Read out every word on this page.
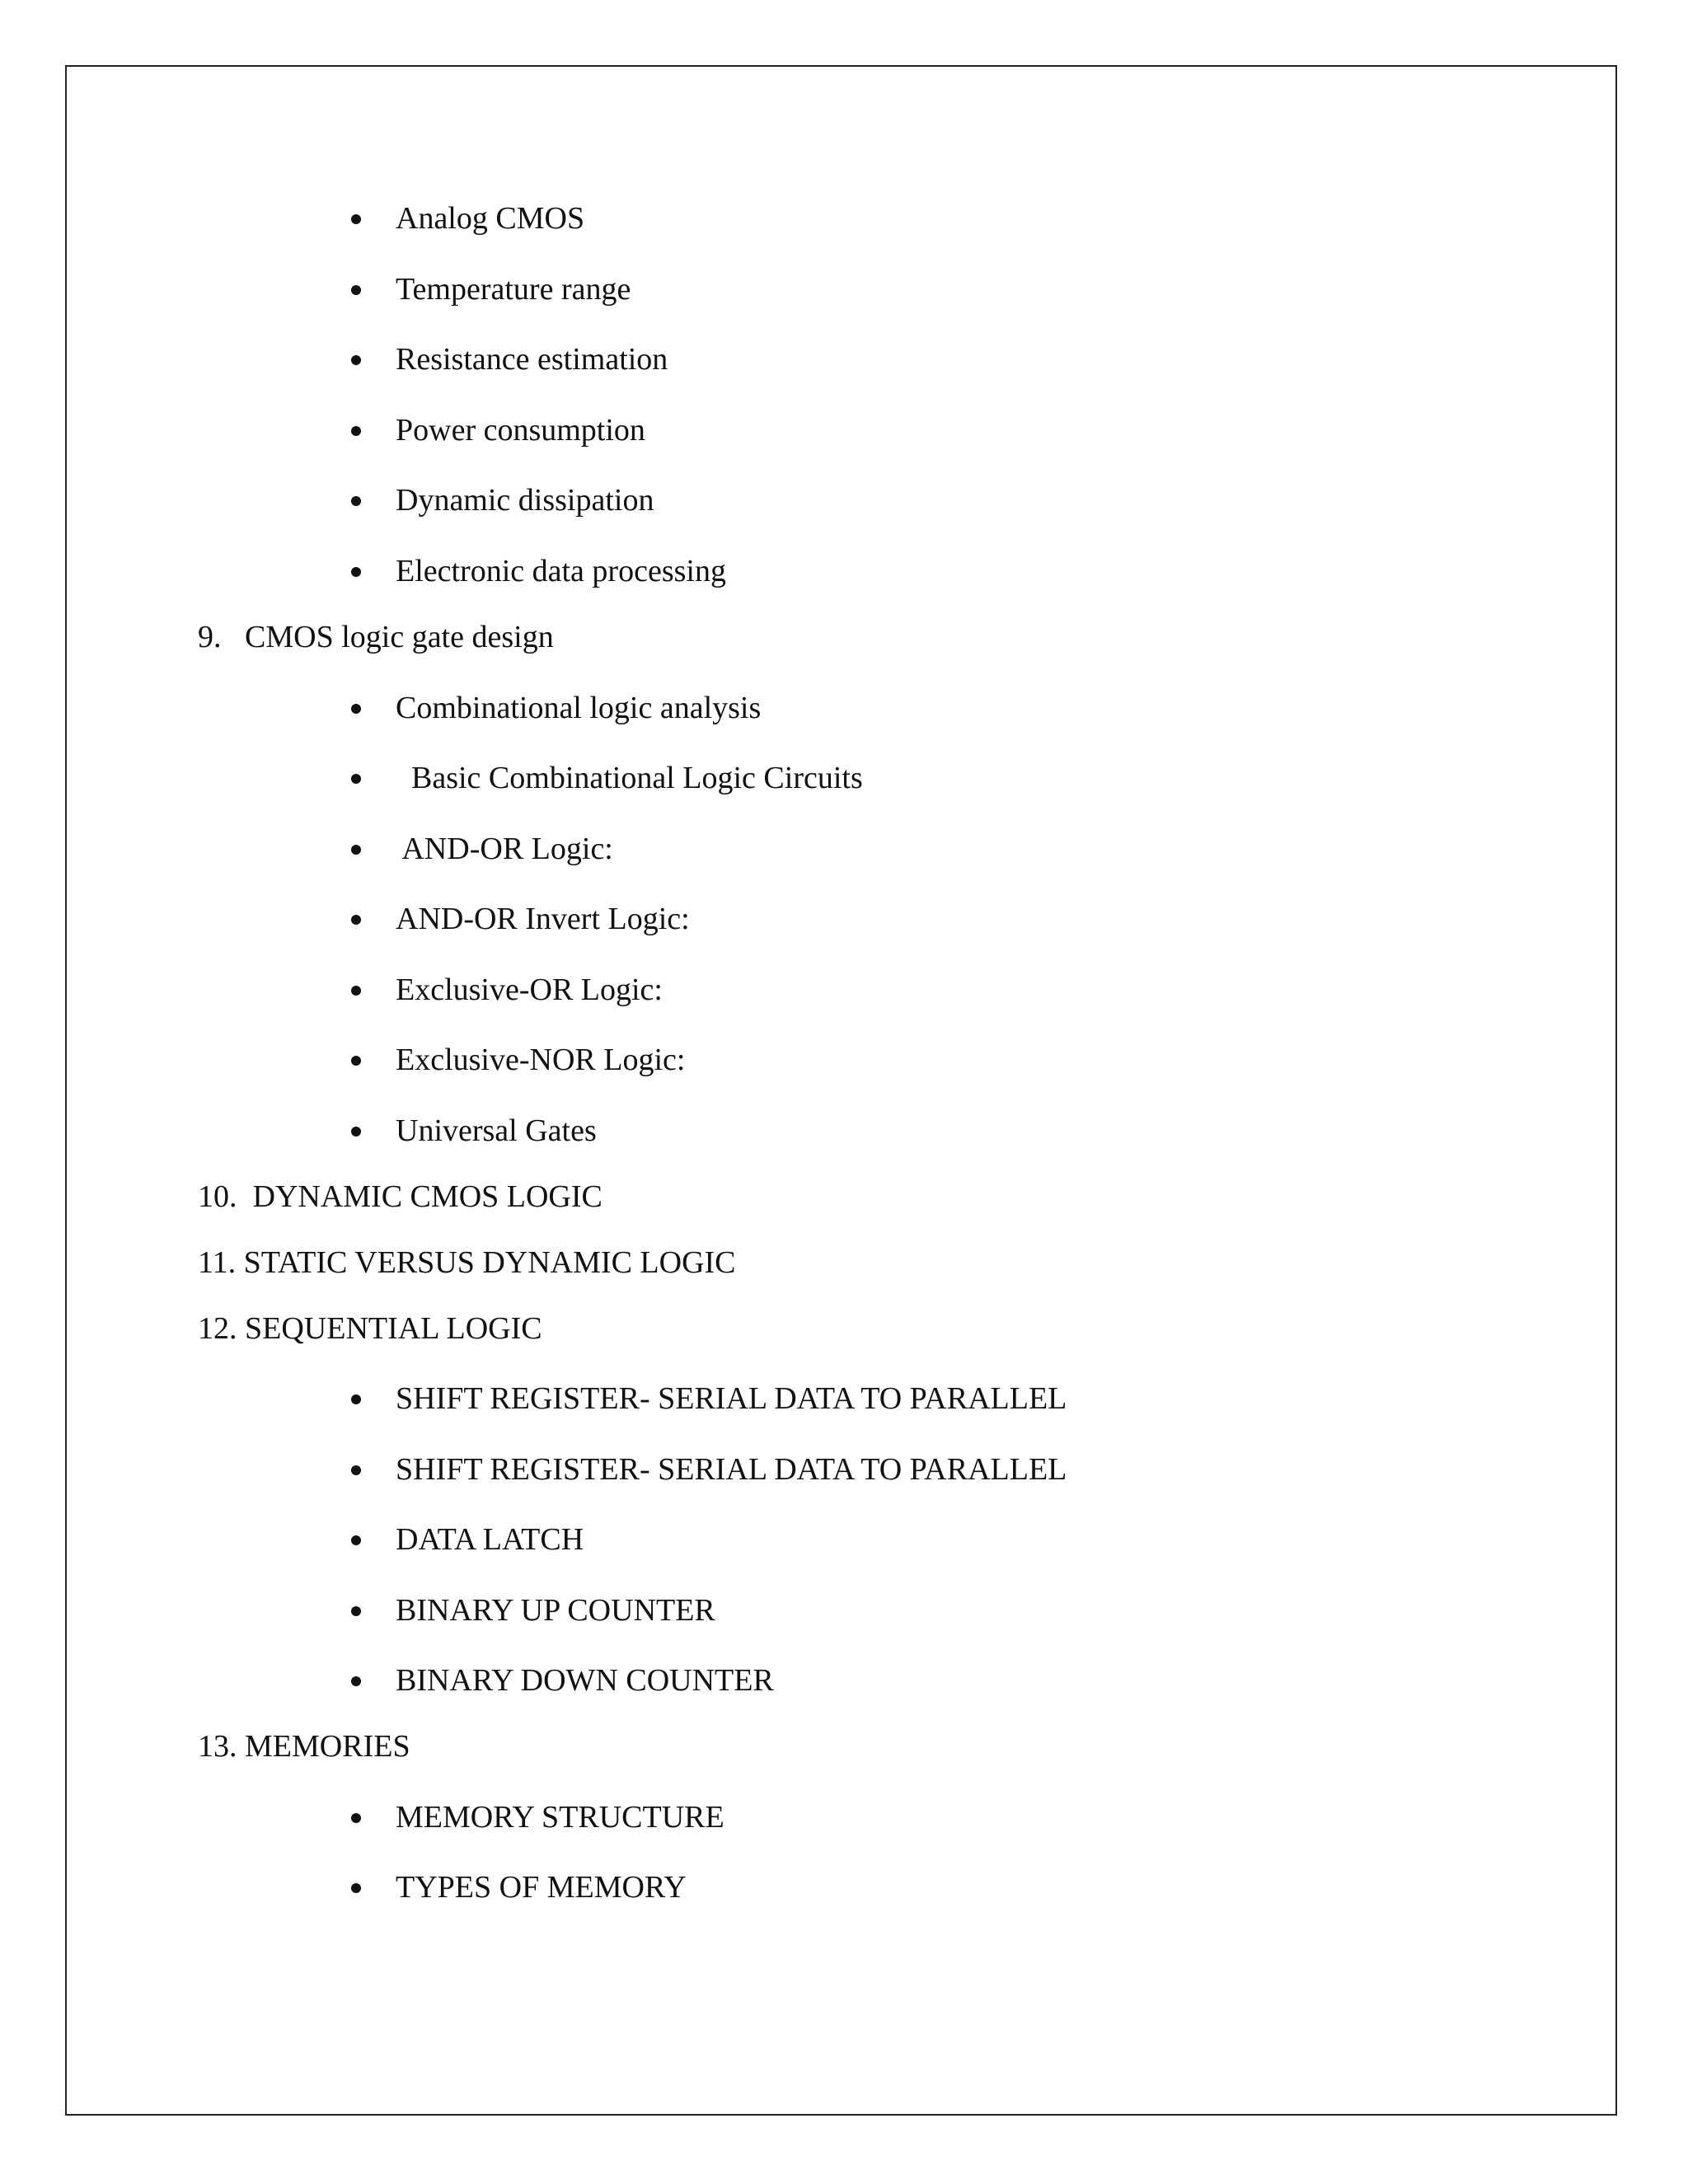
Analog CMOS
Temperature range
Resistance estimation
Power consumption
Dynamic dissipation
Electronic data processing
9.   CMOS logic gate design
Combinational logic analysis
Basic Combinational Logic Circuits
AND-OR Logic:
AND-OR Invert Logic:
Exclusive-OR Logic:
Exclusive-NOR Logic:
Universal Gates
10.  DYNAMIC CMOS LOGIC
11. STATIC VERSUS DYNAMIC LOGIC
12. SEQUENTIAL LOGIC
SHIFT REGISTER- SERIAL DATA TO PARALLEL
SHIFT REGISTER- SERIAL DATA TO PARALLEL
DATA LATCH
BINARY UP COUNTER
BINARY DOWN COUNTER
13. MEMORIES
MEMORY STRUCTURE
TYPES OF MEMORY
